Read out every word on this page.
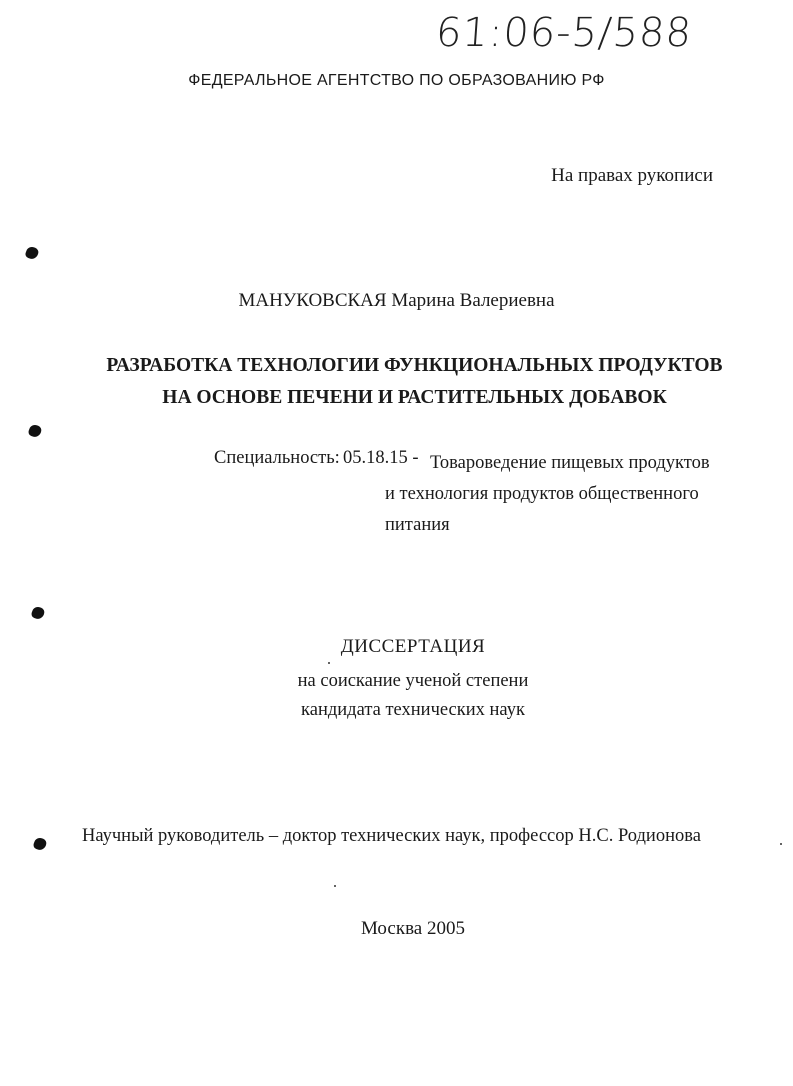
61:06-5/588
ФЕДЕРАЛЬНОЕ АГЕНТСТВО ПО ОБРАЗОВАНИЮ РФ
На правах рукописи
МАНУКОВСКАЯ Марина Валериевна
РАЗРАБОТКА ТЕХНОЛОГИИ ФУНКЦИОНАЛЬНЫХ ПРОДУКТОВ
НА ОСНОВЕ ПЕЧЕНИ И РАСТИТЕЛЬНЫХ ДОБАВОК
Специальность: 05.18.15 - Товароведение пищевых продуктов
и технология продуктов общественного
питания
ДИССЕРТАЦИЯ
на соискание ученой степени
кандидата технических наук
Научный руководитель – доктор технических наук, профессор Н.С. Родионова
Москва 2005
